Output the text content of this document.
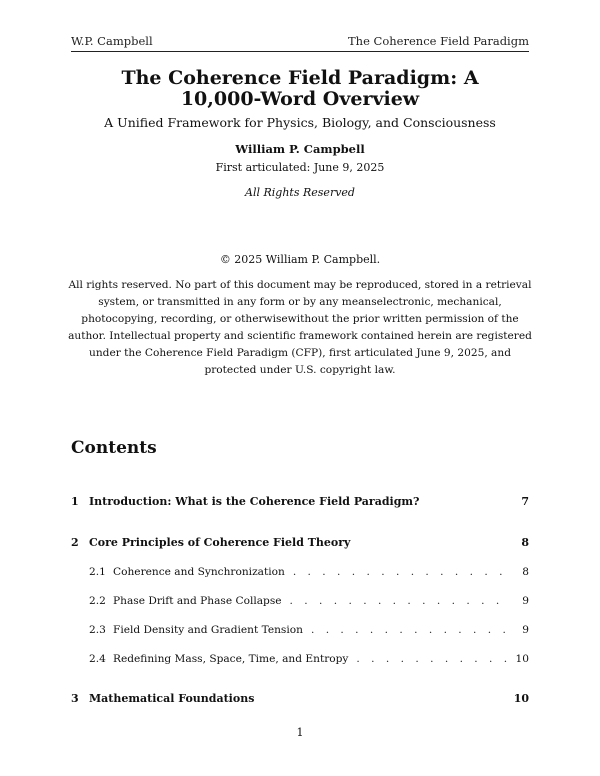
W.P. Campbell	The Coherence Field Paradigm
The Coherence Field Paradigm: A
10,000-Word Overview
A Unified Framework for Physics, Biology, and Consciousness
William P. Campbell
First articulated: June 9, 2025
All Rights Reserved
© 2025 William P. Campbell.
All rights reserved. No part of this document may be reproduced, stored in a retrieval system, or transmitted in any form or by any meanselectronic, mechanical, photocopying, recording, or otherwisewithout the prior written permission of the author. Intellectual property and scientific framework contained herein are registered under the Coherence Field Paradigm (CFP), first articulated June 9, 2025, and protected under U.S. copyright law.
Contents
1 Introduction: What is the Coherence Field Paradigm?	7
2 Core Principles of Coherence Field Theory	8
2.1 Coherence and Synchronization . . .	8
2.2 Phase Drift and Phase Collapse . . .	9
2.3 Field Density and Gradient Tension . . .	9
2.4 Redefining Mass, Space, Time, and Entropy . . .	10
3 Mathematical Foundations	10
1
